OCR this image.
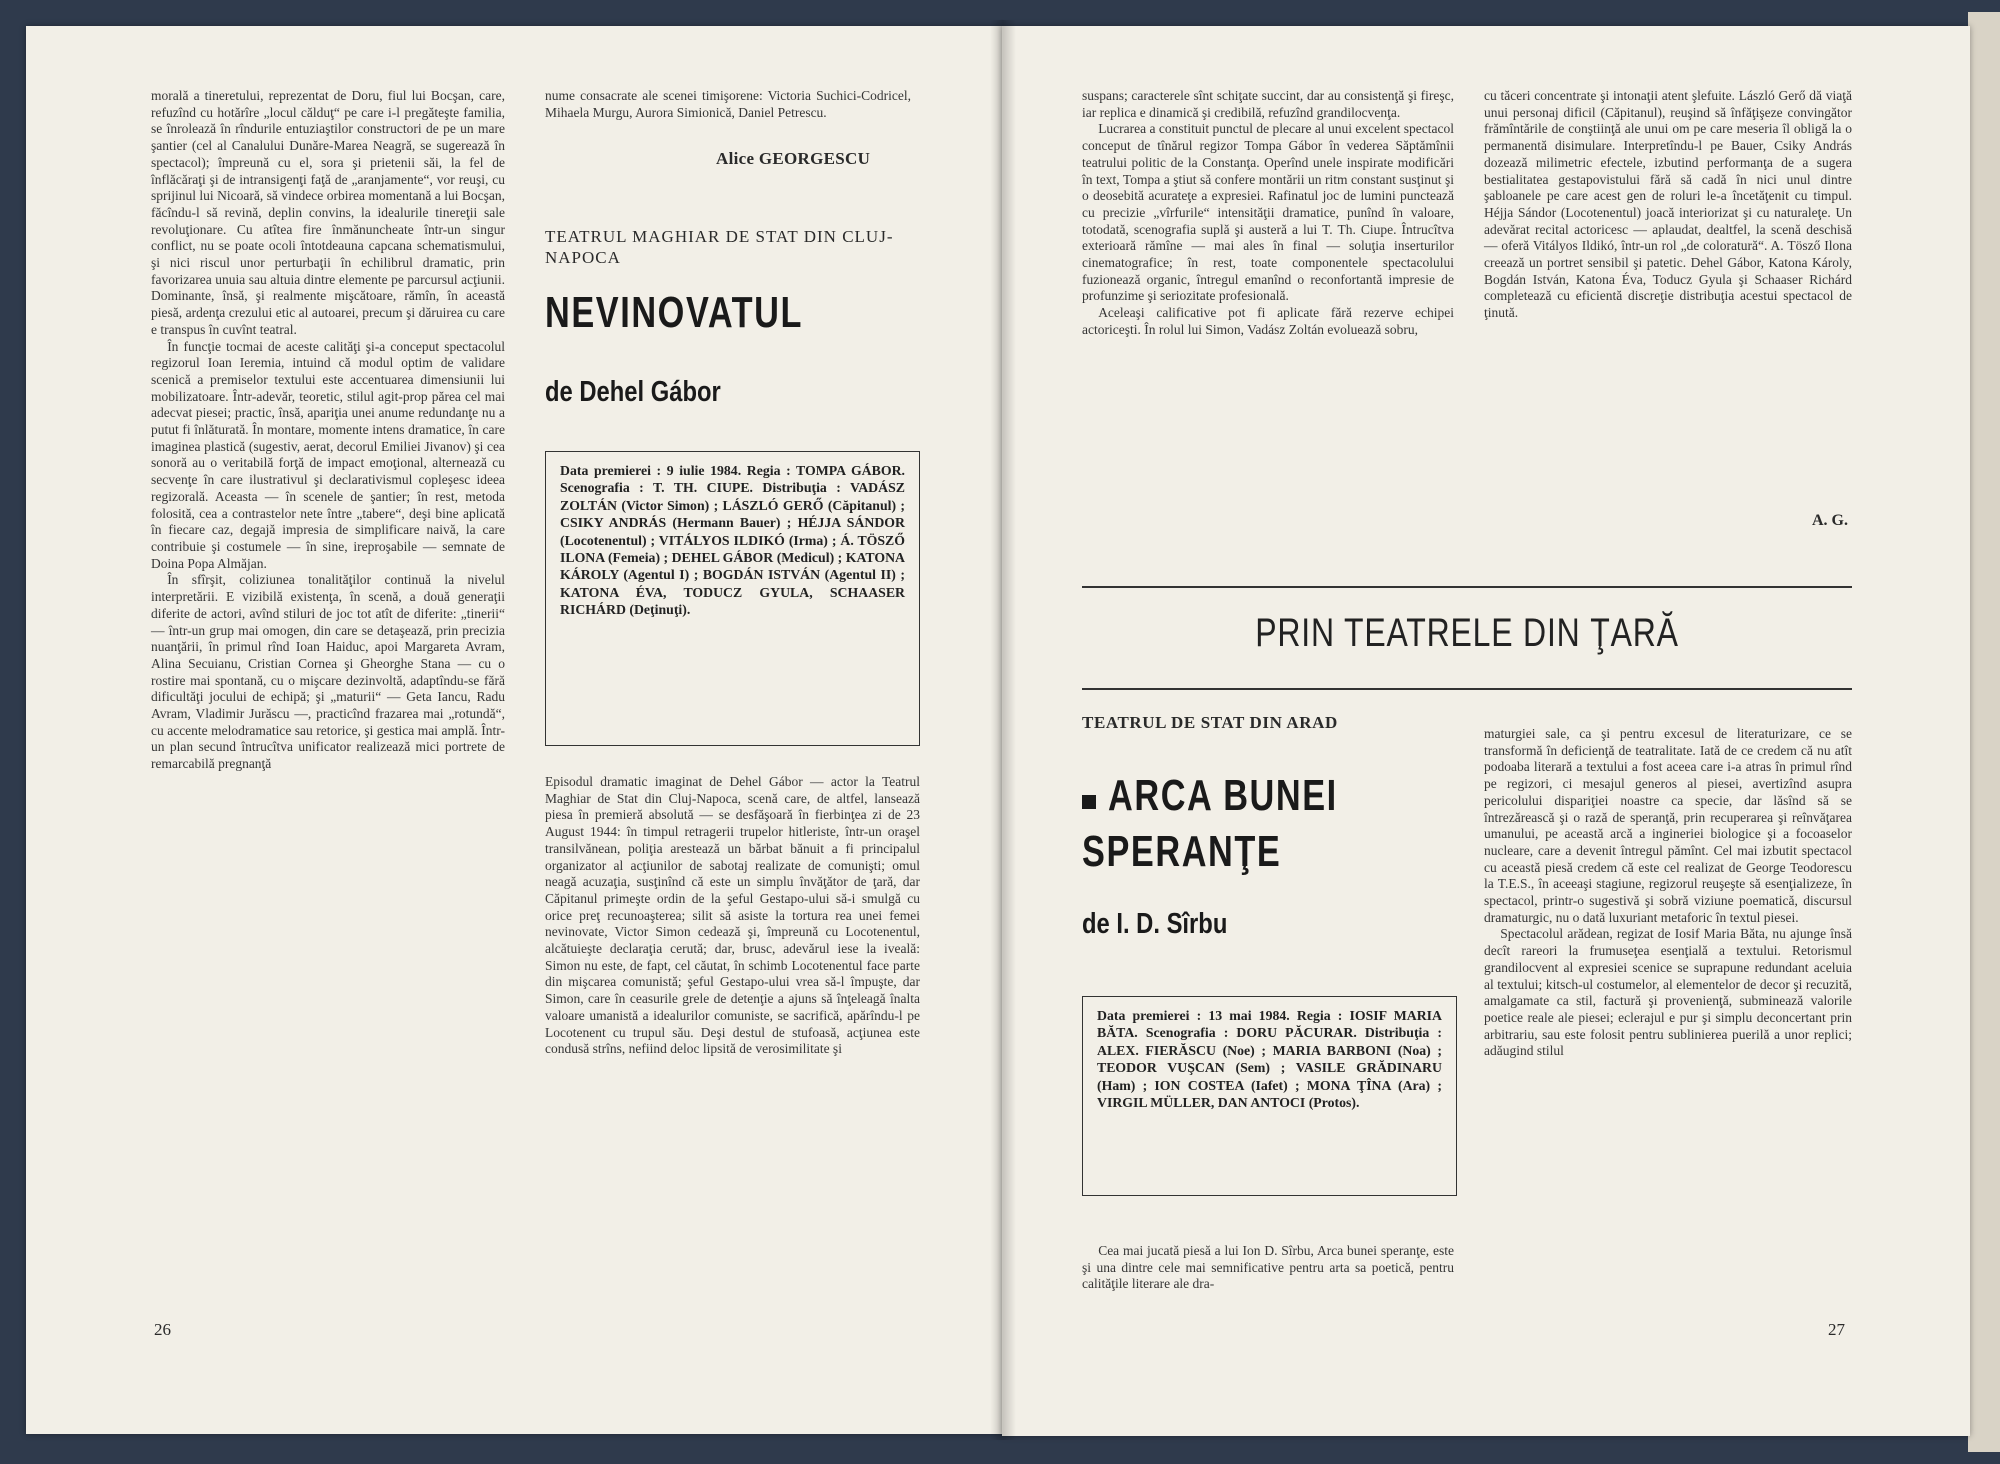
morală a tineretului, reprezentat de Doru, fiul lui Bocşan, care, refuzînd cu hotărîre „locul călduţ“ pe care i-l pregăteşte familia, se înrolează în rîndurile entuziaştilor constructori de pe un mare şantier (cel al Canalului Dunăre-Marea Neagră, se sugerează în spectacol); împreună cu el, sora şi prietenii săi, la fel de înflăcăraţi şi de intransigenţi faţă de „aranjamente“, vor reuşi, cu sprijinul lui Nicoară, să vindece orbirea momentană a lui Bocşan, făcîndu-l să revină, deplin convins, la idealurile tinereţii sale revoluţionare. Cu atîtea fire înmănuncheate într-un singur conflict, nu se poate ocoli întotdeauna capcana schematismului, şi nici riscul unor perturbaţii în echilibrul dramatic, prin favorizarea unuia sau altuia dintre elemente pe parcursul acţiunii. Dominante, însă, şi realmente mişcătoare, rămîn, în această piesă, ardenţa crezului etic al autoarei, precum şi dăruirea cu care e transpus în cuvînt teatral.

În funcţie tocmai de aceste calităţi şi-a conceput spectacolul regizorul Ioan Ieremia, intuind că modul optim de validare scenică a premiselor textului este accentuarea dimensiunii lui mobilizatoare. Într-adevăr, teoretic, stilul agit-prop părea cel mai adecvat piesei; practic, însă, apariţia unei anume redundanţe nu a putut fi înlăturată. În montare, momente intens dramatice, în care imaginea plastică (sugestiv, aerat, decorul Emiliei Jivanov) şi cea sonoră au o veritabilă forţă de impact emoţional, alternează cu secvenţe în care ilustrativul şi declarativismul copleşesc ideea regizorală. Aceasta — în scenele de şantier; în rest, metoda folosită, cea a contrastelor nete între „tabere“, deşi bine aplicată în fiecare caz, degajă impresia de simplificare naivă, la care contribuie şi costumele — în sine, ireproşabile — semnate de Doina Popa Almăjan.

În sfîrşit, coliziunea tonalităţilor continuă la nivelul interpretării. E vizibilă existenţa, în scenă, a două generaţii diferite de actori, avînd stiluri de joc tot atît de diferite: „tinerii“ — într-un grup mai omogen, din care se detaşează, prin precizia nuanţării, în primul rînd Ioan Haiduc, apoi Margareta Avram, Alina Secuianu, Cristian Cornea şi Gheorghe Stana — cu o rostire mai spontană, cu o mişcare dezinvoltă, adaptîndu-se fără dificultăţi jocului de echipă; şi „maturii“ — Geta Iancu, Radu Avram, Vladimir Jurăscu —, practicînd frazarea mai „rotundă“, cu accente melodramatice sau retorice, şi gestica mai amplă. Într-un plan secund întrucîtva unificator realizează mici portrete de remarcabilă pregnanţă

nume consacrate ale scenei timişorene: Victoria Suchici-Codricel, Mihaela Murgu, Aurora Simionică, Daniel Petrescu.

Alice GEORGESCU
TEATRUL MAGHIAR DE STAT DIN CLUJ-NAPOCA
NEVINOVATUL
de Dehel Gábor
Data premierei : 9 iulie 1984. Regia : TOMPA GÁBOR. Scenografia : T. TH. CIUPE. Distribuţia : VADÁSZ ZOLTÁN (Victor Simon) ; LÁSZLÓ GERŐ (Căpitanul) ; CSIKY ANDRÁS (Hermann Bauer) ; HÉJJA SÁNDOR (Locotenentul) ; VITÁLYOS ILDIKÓ (Irma) ; Á. TÖSZŐ ILONA (Femeia) ; DEHEL GÁBOR (Medicul) ; KATONA KÁROLY (Agentul I) ; BOGDÁN ISTVÁN (Agentul II) ; KATONA ÉVA, TODUCZ GYULA, SCHAASER RICHÁRD (Deţinuţi).

Episodul dramatic imaginat de Dehel Gábor — actor la Teatrul Maghiar de Stat din Cluj-Napoca, scenă care, de altfel, lansează piesa în premieră absolută — se desfăşoară în fierbinţea zi de 23 August 1944: în timpul retragerii trupelor hitleriste, într-un oraşel transilvănean, poliţia arestează un bărbat bănuit a fi principalul organizator al acţiunilor de sabotaj realizate de comunişti; omul neagă acuzaţia, susţinînd că este un simplu învăţător de ţară, dar Căpitanul primeşte ordin de la şeful Gestapo-ului să-i smulgă cu orice preţ recunoaşterea; silit să asiste la tortura rea unei femei nevinovate, Victor Simon cedează şi, împreună cu Locotenentul, alcătuieşte declaraţia cerută; dar, brusc, adevărul iese la iveală: Simon nu este, de fapt, cel căutat, în schimb Locotenentul face parte din mişcarea comunistă; şeful Gestapo-ului vrea să-l împuşte, dar Simon, care în ceasurile grele de detenţie a ajuns să înţeleagă înalta valoare umanistă a idealurilor comuniste, se sacrifică, apărîndu-l pe Locotenent cu trupul său. Deşi destul de stufoasă, acţiunea este condusă strîns, nefiind deloc lipsită de verosimilitate şi

26

suspans; caracterele sînt schiţate succint, dar au consistenţă şi fireşc, iar replica e dinamică şi credibilă, refuzînd grandilocvenţa.

Lucrarea a constituit punctul de plecare al unui excelent spectacol conceput de tînărul regizor Tompa Gábor în vederea Săptămînii teatrului politic de la Constanţa. Operînd unele inspirate modificări în text, Tompa a ştiut să confere montării un ritm constant susţinut şi o deosebită acurateţe a expresiei. Rafinatul joc de lumini punctează cu precizie „vîrfurile“ intensităţii dramatice, punînd în valoare, totodată, scenografia suplă şi austeră a lui T. Th. Ciupe. Întrucîtva exterioară rămîne — mai ales în final — soluţia inserturilor cinematografice; în rest, toate componentele spectacolului fuzionează organic, întregul emanînd o reconfortantă impresie de profunzime şi seriozitate profesională.

Aceleaşi calificative pot fi aplicate fără rezerve echipei actoriceşti. În rolul lui Simon, Vadász Zoltán evoluează sobru,

cu tăceri concentrate şi intonaţii atent şlefuite. László Gerő dă viaţă unui personaj dificil (Căpitanul), reuşind să înfăţişeze convingător frămîntările de conştiinţă ale unui om pe care meseria îl obligă la o permanentă disimulare. Interpretîndu-l pe Bauer, Csiky András dozează milimetric efectele, izbutind performanţa de a sugera bestialitatea gestapovistului fără să cadă în nici unul dintre şabloanele pe care acest gen de roluri le-a încetăţenit cu timpul. Héjja Sándor (Locotenentul) joacă interiorizat şi cu naturaleţe. Un adevărat recital actoricesc — aplaudat, dealtfel, la scenă deschisă — oferă Vitályos Ildikó, într-un rol „de coloratură“. A. Tösző Ilona creează un portret sensibil şi patetic. Dehel Gábor, Katona Károly, Bogdán István, Katona Éva, Toducz Gyula şi Schaaser Richárd completează cu eficientă discreţie distribuţia acestui spectacol de ţinută.

A. G.
PRIN TEATRELE DIN ŢARĂ
TEATRUL DE STAT DIN ARAD
ARCA BUNEI
SPERANŢE
de I. D. Sîrbu
Data premierei : 13 mai 1984. Regia : IOSIF MARIA BĂTA. Scenografia : DORU PĂCURAR. Distribuţia : ALEX. FIERĂSCU (Noe) ; MARIA BARBONI (Noa) ; TEODOR VUŞCAN (Sem) ; VASILE GRĂDINARU (Ham) ; ION COSTEA (Iafet) ; MONA ŢÎNA (Ara) ; VIRGIL MÜLLER, DAN ANTOCI (Protos).

Cea mai jucată piesă a lui Ion D. Sîrbu, Arca bunei speranţe, este şi una dintre cele mai semnificative pentru arta sa poetică, pentru calităţile literare ale dra-

maturgiei sale, ca şi pentru excesul de literaturizare, ce se transformă în deficienţă de teatralitate. Iată de ce credem că nu atît podoaba literară a textului a fost aceea care i-a atras în primul rînd pe regizori, ci mesajul generos al piesei, avertizînd asupra pericolului dispariţiei noastre ca specie, dar lăsînd să se întrezărească şi o rază de speranţă, prin recuperarea şi reînvăţarea umanului, pe această arcă a ingineriei biologice şi a focoaselor nucleare, care a devenit întregul pămînt. Cel mai izbutit spectacol cu această piesă credem că este cel realizat de George Teodorescu la T.E.S., în aceeaşi stagiune, regizorul reuşeşte să esenţializeze, în spectacol, printr-o sugestivă şi sobră viziune poematică, discursul dramaturgic, nu o dată luxuriant metaforic în textul piesei.

Spectacolul arădean, regizat de Iosif Maria Băta, nu ajunge însă decît rareori la frumuseţea esenţială a textului. Retorismul grandilocvent al expresiei scenice se suprapune redundant aceluia al textului; kitsch-ul costumelor, al elementelor de decor şi recuzită, amalgamate ca stil, factură şi provenienţă, subminează valorile poetice reale ale piesei; eclerajul e pur şi simplu deconcertant prin arbitrariu, sau este folosit pentru sublinierea puerilă a unor replici; adăugind stilul

27
